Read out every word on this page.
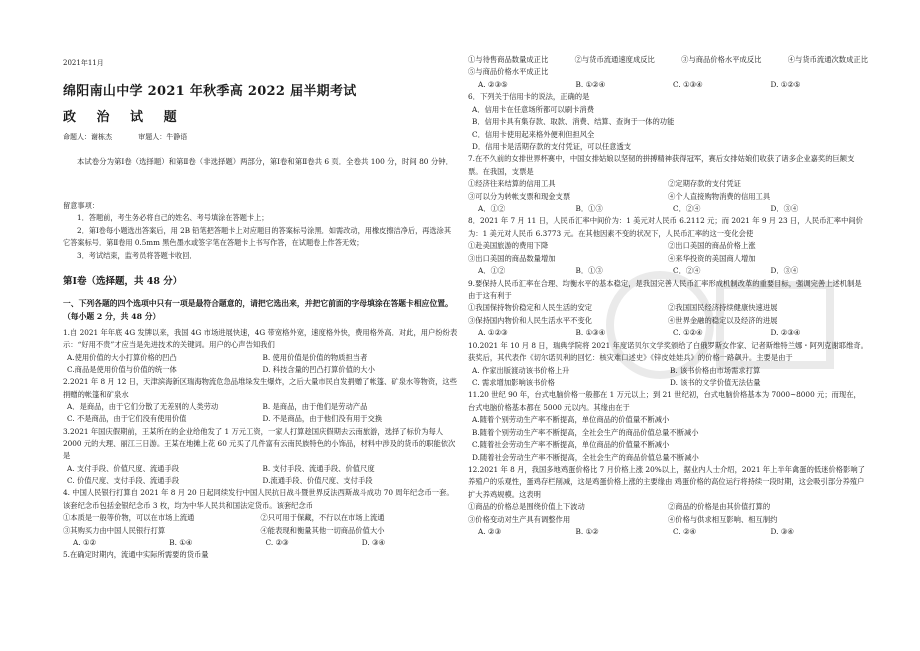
2021年11月
绵阳南山中学 2021 年秋季高 2022 届半期考试
政 治 试 题
命题人：谢栋杰	审题人：牛静语
本试卷分为第Ⅰ卷（选择题）和第Ⅱ卷（非选择题）两部分，第Ⅰ卷和第Ⅱ卷共 6 页．全卷共 100 分，时间 80 分钟．
留意事项：
1．答题前，考生务必将自己的姓名、考号填涂在答题卡上；
2．第Ⅰ卷每小题选出答案后，用 2B 铅笔把答题卡上对应题目的答案标号涂黑．如需改动，用橡皮擦洁净后，再选涂其它答案标号．第Ⅱ卷用 0.5mm 黑色墨水或签字笔在答题卡上书写作答，在试题卷上作答无效；
3．考试结束，监考员将答题卡收回．
第Ⅰ卷（选择题，共 48 分）
一、下列各题的四个选项中只有一项是最符合题意的，请把它选出来，并把它前面的字母填涂在答题卡相应位置。（每小题 2 分，共 48 分）
1.自 2021 年年底 4G 发牌以来，我国 4G 市场进展快速，4G 带宽格外宽，速度格外快，费用格外高．对此，用户纷纷表示：“好用不贵”才应当是先进技术的关键词。用户的心声告知我们
A.使用价值的大小打算价格的凹凸	B. 使用价值是价值的物质担当者
C.商品是使用价值与价值的统一体	D. 科技含量的凹凸打算价值的大小
2.2021 年 8 月 12 日，天津滨海新区瑞海物流危急品堆垛发生爆炸，之后大量市民自发捐赠了帐篷、矿泉水等物资，这些捐赠的帐篷和矿泉水
A．是商品，由于它们分散了无差别的人类劳动	B. 是商品，由于他们是劳动产品
C. 不是商品，由于它们没有使用价值	D. 不是商品，由于他们没有用于交换
3.2021 年国庆假期前，王某所在的企业给他发了 1 万元工资，一家人打算趁国庆假期去云南旅游，选择了标价为每人 2000 元的大理、丽江三日游。王某在地摊上花 60 元买了几件富有云南民族特色的小饰品，材料中涉及的货币的职能依次是
A. 支付手段、价值尺度、流通手段	B. 支付手段、流通手段、价值尺度
C. 价值尺度、支付手段、流通手段	D.流通手段、价值尺度、支付手段
4. 中国人民银行打算自 2021 年 8 月 20 日起同续发行中国人民抗日战斗暨世界反法西斯战斗成功 70 周年纪念币一套。该套纪念币包括金银纪念币 3 枚，均为中华人民共和国法定货币。该套纪念币
①本质是一般等价物，可以在市场上流通	②只可用于保藏，不行以在市场上流通
③其购买力由中国人民银行打算	④能表现和衡量其他一切商品价值大小
A. ①②	B. ①④	C. ②③	D. ③④
5.在确定时期内，流通中实际所需要的货币量
①与待售商品数量成正比	②与货币流通速度成反比	③与商品价格水平成反比	④与货币流通次数成正比
⑤与商品价格水平成正比
A. ②③⑤	B. ①②④	C. ①③④	D. ①②⑤
6．下列关于信用卡的说法，正确的是
A．信用卡在任意场所都可以刷卡消费
B．信用卡具有集存款、取款、消费、结算、查询于一体的功能
C．信用卡使用起来格外便利但担风全
D．信用卡是活期存款的支付凭证，可以任意透支
7.在不久前的女排世界杯赛中，中国女排姑娘以坚韧的拼搏精神获得冠军，赛后女排姑娘们收获了诸多企业嘉奖的巨额支票。在我国，支票是
①经济往来结算的信用工具	②定期存款的支付凭证
③可以分为转帐支票和现金支票	④个人直接购物消费的信用工具
A．①②	B．①③	C．②④	D．③④
8．2021 年 7 月 11 日，人民币汇率中间价为：1 美元对人民币 6.2112 元；而 2021 年 9 月 23 日，人民币汇率中间价为：1 美元对人民币 6.3773 元。在其他因素不变的状况下，人民币汇率的这一变化会使
①赴美国旅游的费用下降	②出口美国的商品价格上涨
③出口美国的商品数量增加	④来华投资的美国商人增加
A．①②	B．①③	C．②④	D．③④
9.要保持人民币汇率在合理、均衡水平的基本稳定，是我国完善人民币汇率形成机制改革的重要目标，强调完善上述机制是由于这有利于
①我国保持物价稳定和人民生活的安定	②我国国民经济持续健康快速进展
③保持国内物价和人民生活水平不变化	④世界金融的稳定以及经济的进展
A. ①②③	B. ①③④	C. ①②④	D. ②③④
10.2021 年 10 月 8 日，瑞典学院将 2021 年度诺贝尔文学奖颁给了白俄罗斯女作家、记者斯维特兰娜・阿列克谢耶维奇。获奖后，其代表作《切尔诺贝利的回忆：核灾难口述史》《锌皮娃娃兵》的价格一路飙升。主要是由于
A. 作家出版渡动该书价格上升	B. 该书价格由市场需求打算
C. 需求增加影响该书价格	D. 该书的文学价值无法估量
11.20 世纪 90 年，台式电脑价格一般都在 1 万元以上；到 21 世纪初，台式电脑价格基本为 7000~8000 元；而现在，台式电脑价格基本都在 5000 元以内。其缘由在于
A.随着个别劳动生产率不断提高，单位商品的价值量不断减小
B.随着个别劳动生产率不断提高，全社会生产的商品价值总量不断减小
C.随着社会劳动生产率不断提高，单位商品的价值量不断减小
D.随着社会劳动生产率不断提高，全社会生产的商品价值总量不断减小
12.2021 年 8 月，我国多地鸡蛋价格比 7 月价格上涨 20%以上，据业内人士介绍，2021 年上半年禽蛋的低迷价格影响了养殖户的乐观性，蛋鸡存栏削减，这是鸡蛋价格上涨的主要缘由 鸡蛋价格的高位运行将持续一段时期，这会吸引部分养殖户扩大养鸡规模。这表明
①商品的价格总是围绕价值上下波动	②商品的价格是由其价值打算的
③价格变动对生产具有调整作用	④价格与供求相互影响、相互制约
A. ②③	B. ①②	C. ②④	D. ③④
